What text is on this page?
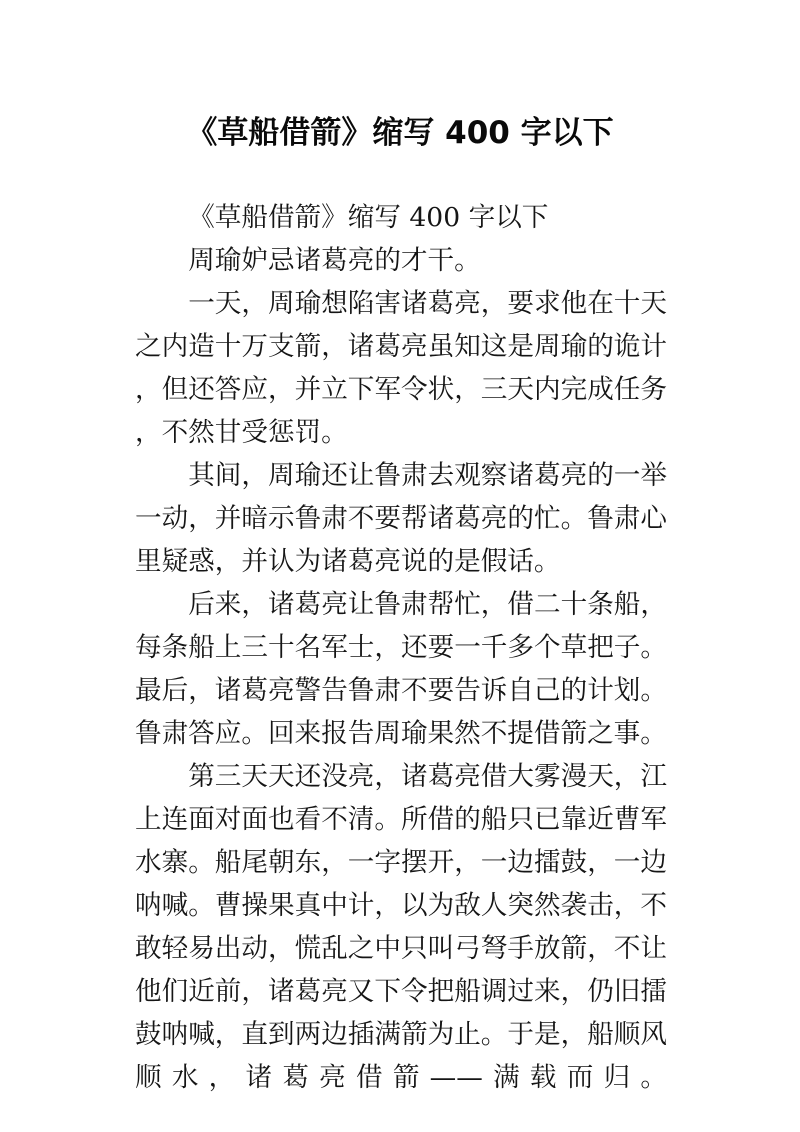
《草船借箭》缩写 400 字以下

《草船借箭》缩写 400 字以下

周瑜妒忌诸葛亮的才干。

一天，周瑜想陷害诸葛亮，要求他在十天之内造十万支箭，诸葛亮虽知这是周瑜的诡计，但还答应，并立下军令状，三天内完成任务，不然甘受惩罚。

其间，周瑜还让鲁肃去观察诸葛亮的一举一动，并暗示鲁肃不要帮诸葛亮的忙。鲁肃心里疑惑，并认为诸葛亮说的是假话。

后来，诸葛亮让鲁肃帮忙，借二十条船，每条船上三十名军士，还要一千多个草把子。最后，诸葛亮警告鲁肃不要告诉自己的计划。鲁肃答应。回来报告周瑜果然不提借箭之事。

第三天天还没亮，诸葛亮借大雾漫天，江上连面对面也看不清。所借的船只已靠近曹军水寨。船尾朝东，一字摆开，一边擂鼓，一边呐喊。曹操果真中计，以为敌人突然袭击，不敢轻易出动，慌乱之中只叫弓弩手放箭，不让他们近前，诸葛亮又下令把船调过来，仍旧擂鼓呐喊，直到两边插满箭为止。于是，船顺风顺水，诸葛亮借箭——满载而归。
